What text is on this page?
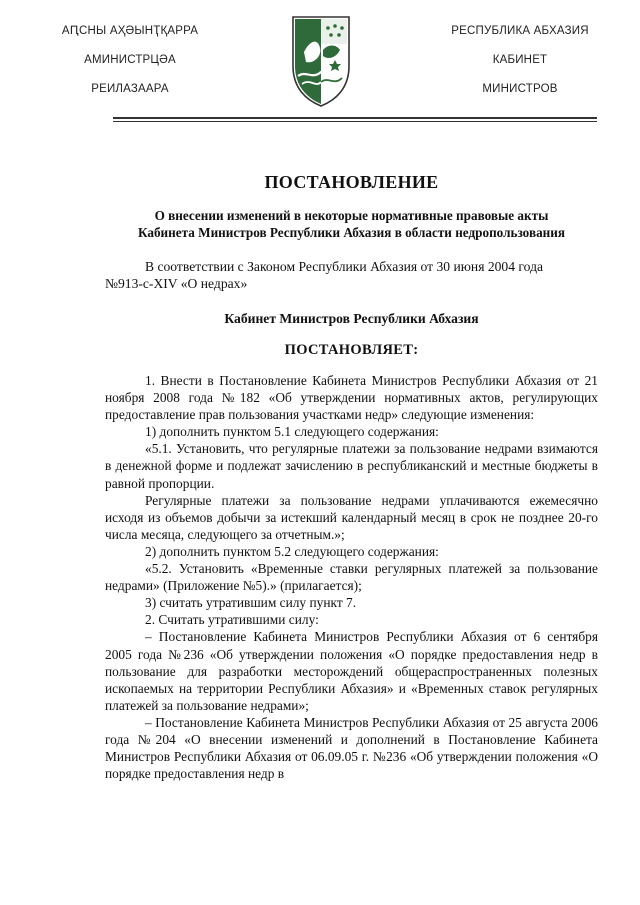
АԤСНЫ АҲӘЫНҬҚАРРА
АМИНИСТРЦӘА
РЕИЛАЗААРА
РЕСПУБЛИКА АБХАЗИЯ
КАБИНЕТ
МИНИСТРОВ
ПОСТАНОВЛЕНИЕ
О внесении изменений в некоторые нормативные правовые акты
Кабинета Министров Республики Абхазия в области недропользования
В соответствии с Законом Республики Абхазия от 30 июня 2004 года
№913-с-XIV «О недрах»
Кабинет Министров Республики Абхазия
ПОСТАНОВЛЯЕТ:

1. Внести в Постановление Кабинета Министров Республики Абхазия от 21 ноября 2008 года №182 «Об утверждении нормативных актов, регулирующих предоставление прав пользования участками недр» следующие изменения:

1) дополнить пунктом 5.1 следующего содержания:

«5.1. Установить, что регулярные платежи за пользование недрами взимаются в денежной форме и подлежат зачислению в республиканский и местные бюджеты в равной пропорции.

Регулярные платежи за пользование недрами уплачиваются ежемесячно исходя из объемов добычи за истекший календарный месяц в срок не позднее 20-го числа месяца, следующего за отчетным.»;

2) дополнить пунктом 5.2 следующего содержания:

«5.2. Установить «Временные ставки регулярных платежей за пользование недрами» (Приложение №5).» (прилагается);

3) считать утратившим силу пункт 7.

2. Считать утратившими силу:

– Постановление Кабинета Министров Республики Абхазия от 6 сентября 2005 года №236 «Об утверждении положения «О порядке предоставления недр в пользование для разработки месторождений общераспространенных полезных ископаемых на территории Республики Абхазия» и «Временных ставок регулярных платежей за пользование недрами»;

– Постановление Кабинета Министров Республики Абхазия от 25 августа 2006 года №204 «О внесении изменений и дополнений в Постановление Кабинета Министров Республики Абхазия от 06.09.05 г. №236 «Об утверждении положения «О порядке предоставления недр в
